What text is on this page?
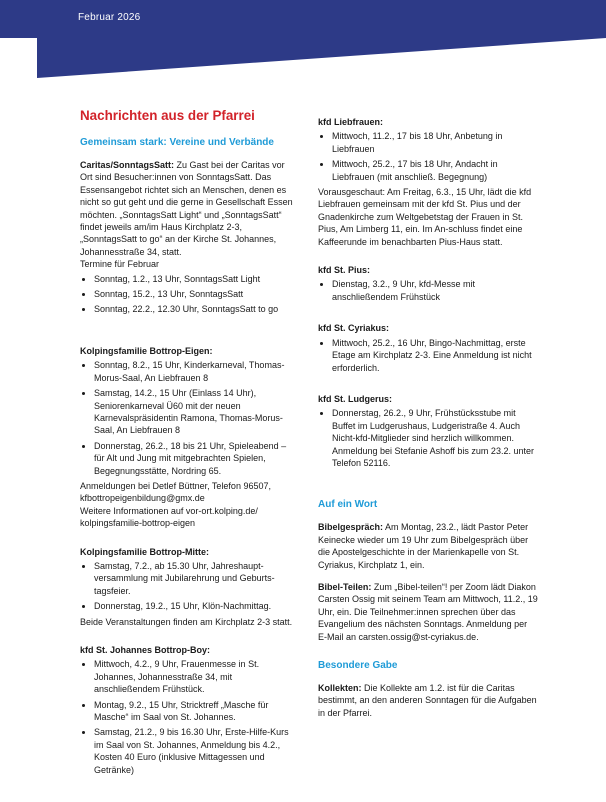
Februar 2026
Nachrichten aus der Pfarrei
Gemeinsam stark: Vereine und Verbände

Caritas/SonntagsSatt: Zu Gast bei der Caritas vor Ort sind Besucher:innen von SonntagsSatt. Das Essensangebot richtet sich an Menschen, denen es nicht so gut geht und die gerne in Gesellschaft Essen möchten. „SonntagsSatt Light“ und „SonntagsSatt“ findet jeweils am/im Haus Kirchplatz 2-3, „SonntagsSatt to go“ an der Kirche St. Johannes, Johannesstraße 34, statt.

Termine für Februar

• Sonntag, 1.2., 13 Uhr, SonntagsSatt Light
• Sonntag, 15.2., 13 Uhr, SonntagsSatt
• Sonntag, 22.2., 12.30 Uhr, SonntagsSatt to go

Kolpingsfamilie Bottrop-Eigen:

• Sonntag, 8.2., 15 Uhr, Kinderkarneval, Thomas-Morus-Saal, An Liebfrauen 8
• Samstag, 14.2., 15 Uhr (Einlass 14 Uhr), Seniorenkarneval Ü60 mit der neuen Karnevalspräsidentin Ramona, Thomas-Morus-Saal, An Liebfrauen 8
• Donnerstag, 26.2., 18 bis 21 Uhr, Spieleabend – für Alt und Jung mit mitgebrachten Spielen, Begegnungsstätte, Nordring 65.

Anmeldungen bei Detlef Büttner, Telefon 96507, kfbottropeigenbildung@gmx.de

Weitere Informationen auf vor-ort.kolping.de/ kolpingsfamilie-bottrop-eigen

Kolpingsfamilie Bottrop-Mitte:

• Samstag, 7.2., ab 15.30 Uhr, Jahreshaupt-versammlung mit Jubilarehrung und Geburts-tagsfeier.
• Donnerstag, 19.2., 15 Uhr, Klön-Nachmittag.

Beide Veranstaltungen finden am Kirchplatz 2-3 statt.

kfd St. Johannes Bottrop-Boy:

• Mittwoch, 4.2., 9 Uhr, Frauenmesse in St. Johannes, Johannesstraße 34, mit anschließendem Frühstück.
• Montag, 9.2., 15 Uhr, Stricktreff „Masche für Masche“ im Saal von St. Johannes.
• Samstag, 21.2., 9 bis 16.30 Uhr, Erste-Hilfe-Kurs im Saal von St. Johannes, Anmeldung bis 4.2., Kosten 40 Euro (inklusive Mittagessen und Getränke)

kfd Liebfrauen:

• Mittwoch, 11.2., 17 bis 18 Uhr, Anbetung in Liebfrauen
• Mittwoch, 25.2., 17 bis 18 Uhr, Andacht in Liebfrauen (mit anschließ. Begegnung)

Vorausgeschaut: Am Freitag, 6.3., 15 Uhr, lädt die kfd Liebfrauen gemeinsam mit der kfd St. Pius und der Gnadenkirche zum Weltgebetstag der Frauen in St. Pius, Am Limberg 11, ein. Im An-schluss findet eine Kaffeerunde im benachbarten Pius-Haus statt.

kfd St. Pius:

• Dienstag, 3.2., 9 Uhr, kfd-Messe mit anschließendem Frühstück

kfd St. Cyriakus:

• Mittwoch, 25.2., 16 Uhr, Bingo-Nachmittag, erste Etage am Kirchplatz 2-3. Eine Anmeldung ist nicht erforderlich.

kfd St. Ludgerus:

• Donnerstag, 26.2., 9 Uhr, Frühstücksstube mit Buffet im Ludgerushaus, Ludgeristraße 4. Auch Nicht-kfd-Mitglieder sind herzlich willkommen. Anmeldung bei Stefanie Ashoff bis zum 23.2. unter Telefon 52116.
Auf ein Wort

Bibelgespräch: Am Montag, 23.2., lädt Pastor Peter Keinecke wieder um 19 Uhr zum Bibelgespräch über die Apostelgeschichte in der Marienkapelle von St. Cyriakus, Kirchplatz 1, ein.

Bibel-Teilen: Zum „Bibel-teilen“! per Zoom lädt Diakon Carsten Ossig mit seinem Team am Mittwoch, 11.2., 19 Uhr, ein. Die Teilnehmer:innen sprechen über das Evangelium des nächsten Sonntags. Anmeldung per E-Mail an carsten.ossig@st-cyriakus.de.

Besondere Gabe

Kollekten: Die Kollekte am 1.2. ist für die Caritas bestimmt, an den anderen Sonntagen für die Aufgaben in der Pfarrei.
